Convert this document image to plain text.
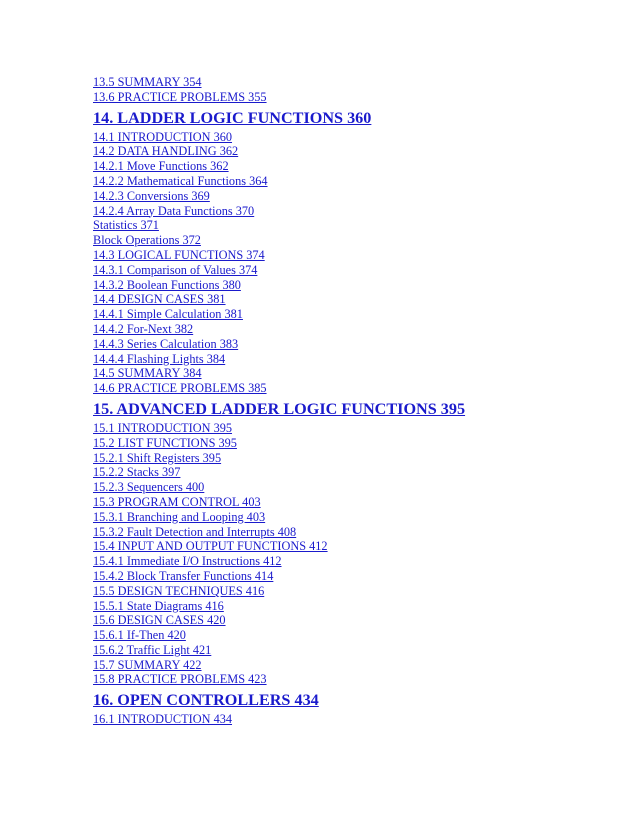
13.5 SUMMARY 354
13.6 PRACTICE PROBLEMS 355
14. LADDER LOGIC FUNCTIONS 360
14.1 INTRODUCTION 360
14.2 DATA HANDLING 362
14.2.1 Move Functions 362
14.2.2 Mathematical Functions 364
14.2.3 Conversions 369
14.2.4 Array Data Functions 370
Statistics 371
Block Operations 372
14.3 LOGICAL FUNCTIONS 374
14.3.1 Comparison of Values 374
14.3.2 Boolean Functions 380
14.4 DESIGN CASES 381
14.4.1 Simple Calculation 381
14.4.2 For-Next 382
14.4.3 Series Calculation 383
14.4.4 Flashing Lights 384
14.5 SUMMARY 384
14.6 PRACTICE PROBLEMS 385
15. ADVANCED LADDER LOGIC FUNCTIONS 395
15.1 INTRODUCTION 395
15.2 LIST FUNCTIONS 395
15.2.1 Shift Registers 395
15.2.2 Stacks 397
15.2.3 Sequencers 400
15.3 PROGRAM CONTROL 403
15.3.1 Branching and Looping 403
15.3.2 Fault Detection and Interrupts 408
15.4 INPUT AND OUTPUT FUNCTIONS 412
15.4.1 Immediate I/O Instructions 412
15.4.2 Block Transfer Functions 414
15.5 DESIGN TECHNIQUES 416
15.5.1 State Diagrams 416
15.6 DESIGN CASES 420
15.6.1 If-Then 420
15.6.2 Traffic Light 421
15.7 SUMMARY 422
15.8 PRACTICE PROBLEMS 423
16. OPEN CONTROLLERS 434
16.1 INTRODUCTION 434
